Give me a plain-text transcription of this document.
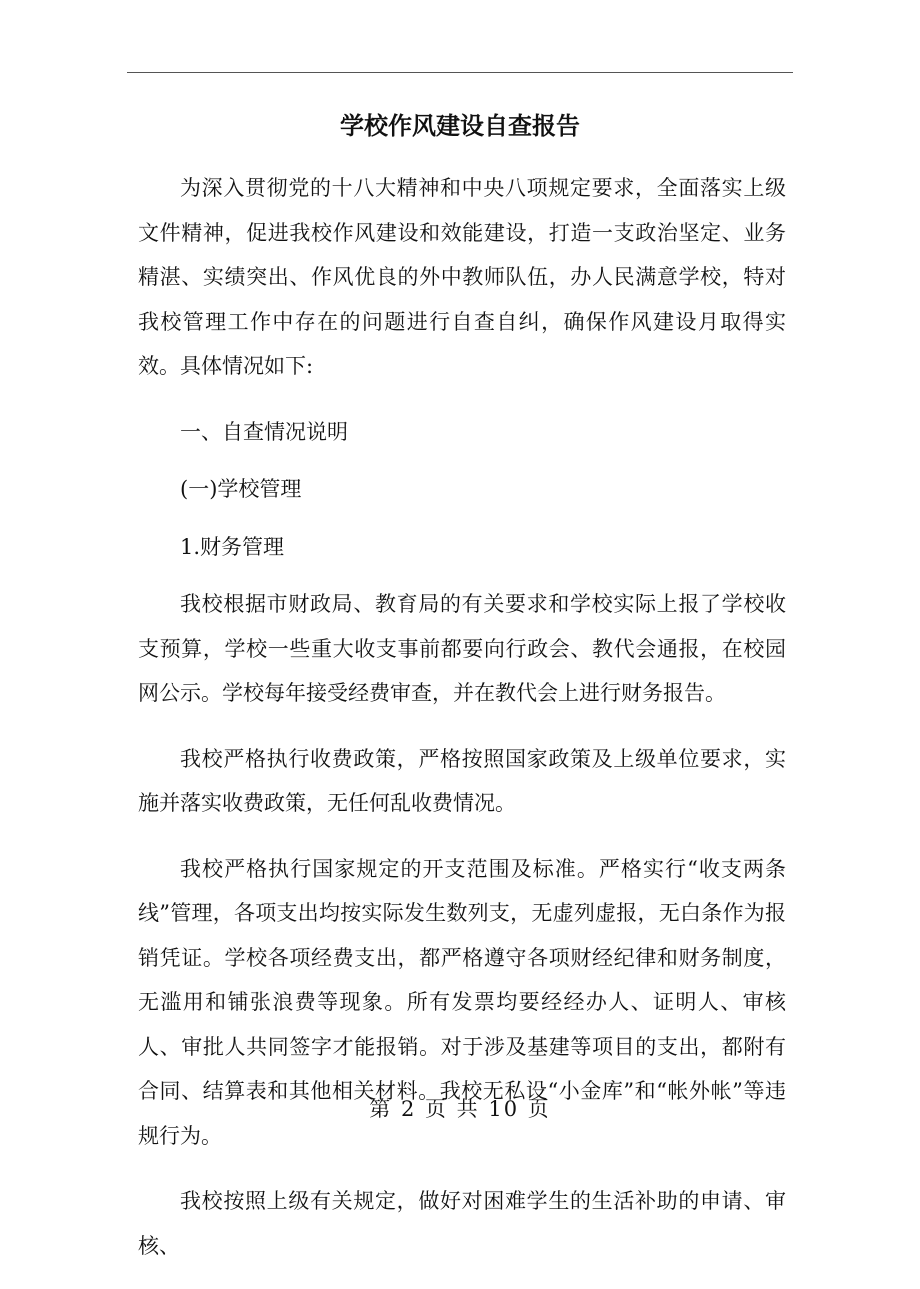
学校作风建设自查报告

为深入贯彻党的十八大精神和中央八项规定要求，全面落实上级文件精神，促进我校作风建设和效能建设，打造一支政治坚定、业务精湛、实绩突出、作风优良的外中教师队伍，办人民满意学校，特对我校管理工作中存在的问题进行自查自纠，确保作风建设月取得实效。具体情况如下:

一、自查情况说明

(一)学校管理

1.财务管理

我校根据市财政局、教育局的有关要求和学校实际上报了学校收支预算，学校一些重大收支事前都要向行政会、教代会通报，在校园网公示。学校每年接受经费审查，并在教代会上进行财务报告。

我校严格执行收费政策，严格按照国家政策及上级单位要求，实施并落实收费政策，无任何乱收费情况。

我校严格执行国家规定的开支范围及标准。严格实行“收支两条线”管理，各项支出均按实际发生数列支，无虚列虚报，无白条作为报销凭证。学校各项经费支出，都严格遵守各项财经纪律和财务制度，无滥用和铺张浪费等现象。所有发票均要经经办人、证明人、审核人、审批人共同签字才能报销。对于涉及基建等项目的支出，都附有合同、结算表和其他相关材料。我校无私设“小金库”和“帐外帐”等违规行为。

我校按照上级有关规定，做好对困难学生的生活补助的申请、审核、

第 2 页 共 10 页
